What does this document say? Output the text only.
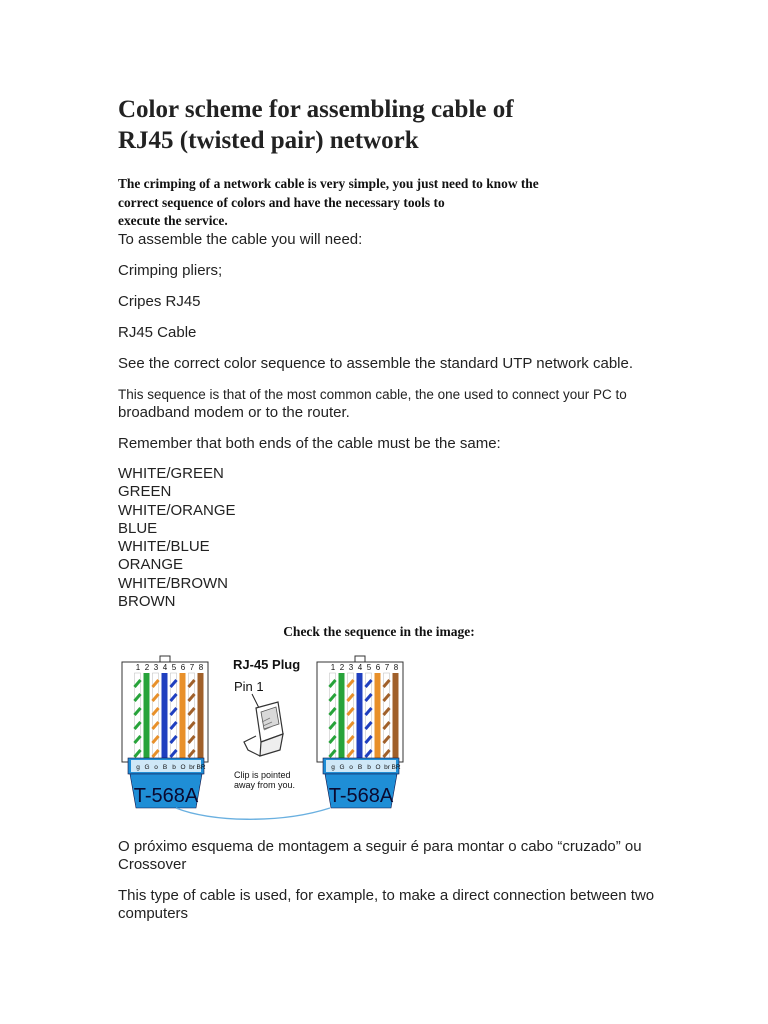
Color scheme for assembling cable of
RJ45 (twisted pair) network

The crimping of a network cable is very simple, you just need to know the
correct sequence of colors and have the necessary tools to
execute the service.

To assemble the cable you will need:

Crimping pliers;

Cripes RJ45

RJ45 Cable

See the correct color sequence to assemble the standard UTP network cable.

This sequence is that of the most common cable, the one used to connect your PC to
broadband modem or to the router.

Remember that both ends of the cable must be the same:

WHITE/GREEN
GREEN
WHITE/ORANGE
BLUE
WHITE/BLUE
ORANGE
WHITE/BROWN
BROWN

Check the sequence in the image:

O próximo esquema de montagem a seguir é para montar o cabo “cruzado” ou
Crossover

This type of cable is used, for example, to make a direct connection between two
computers

1 2 3 4 5 6 7 8
g G o B b O br BR
T-568A
1 2 3 4 5 6 7 8
g G o B b O br BR
T-568A
RJ-45 Plug
Pin 1
Clip is pointed
away from you.
